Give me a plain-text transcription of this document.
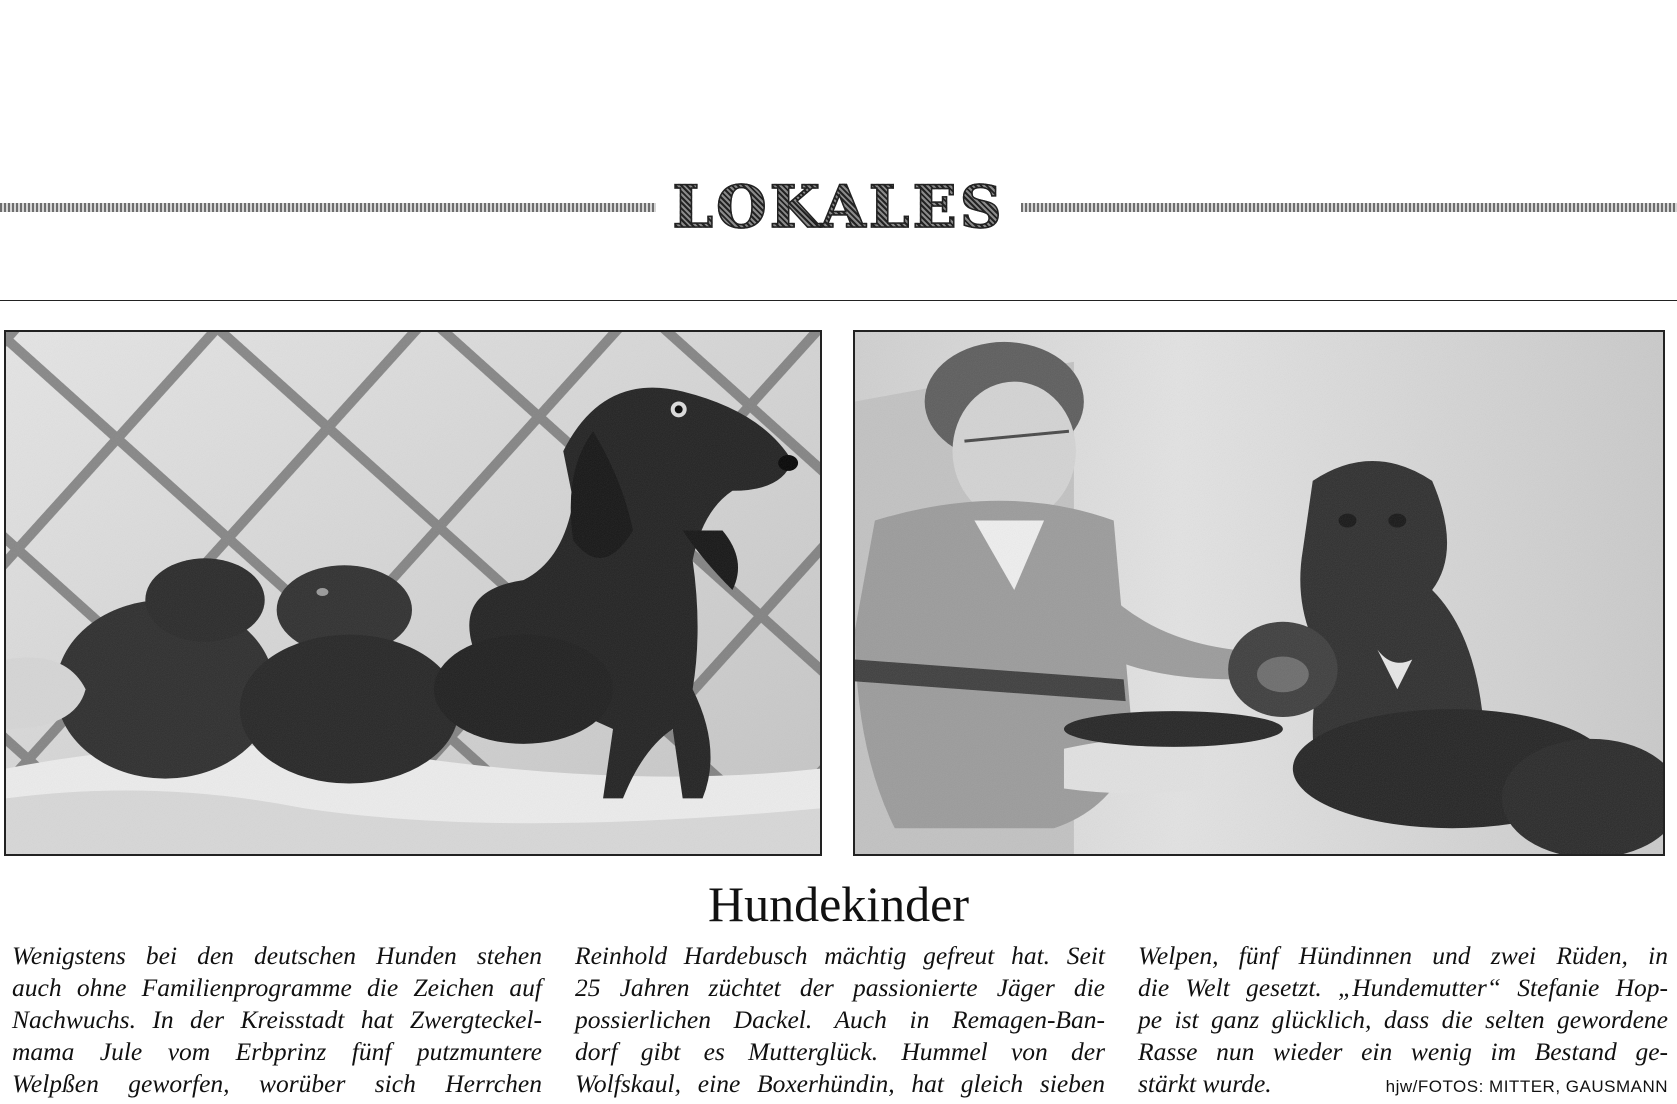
LOKALES
Hundekinder
Wenigstens bei den deutschen Hunden stehen
auch ohne Familienprogramme die Zeichen auf
Nachwuchs. In der Kreisstadt hat Zwergteckel-
mama Jule vom Erbprinz fünf putzmuntere
Welpßen geworfen, worüber sich Herrchen
Reinhold Hardebusch mächtig gefreut hat. Seit
25 Jahren züchtet der passionierte Jäger die
possierlichen Dackel. Auch in Remagen-Ban-
dorf gibt es Mutterglück. Hummel von der
Wolfskaul, eine Boxerhündin, hat gleich sieben
Welpen, fünf Hündinnen und zwei Rüden, in
die Welt gesetzt. „Hundemutter“ Stefanie Hop-
pe ist ganz glücklich, dass die selten gewordene
Rasse nun wieder ein wenig im Bestand ge-
stärkt wurde.	hjw/FOTOS: MITTER, GAUSMANN
